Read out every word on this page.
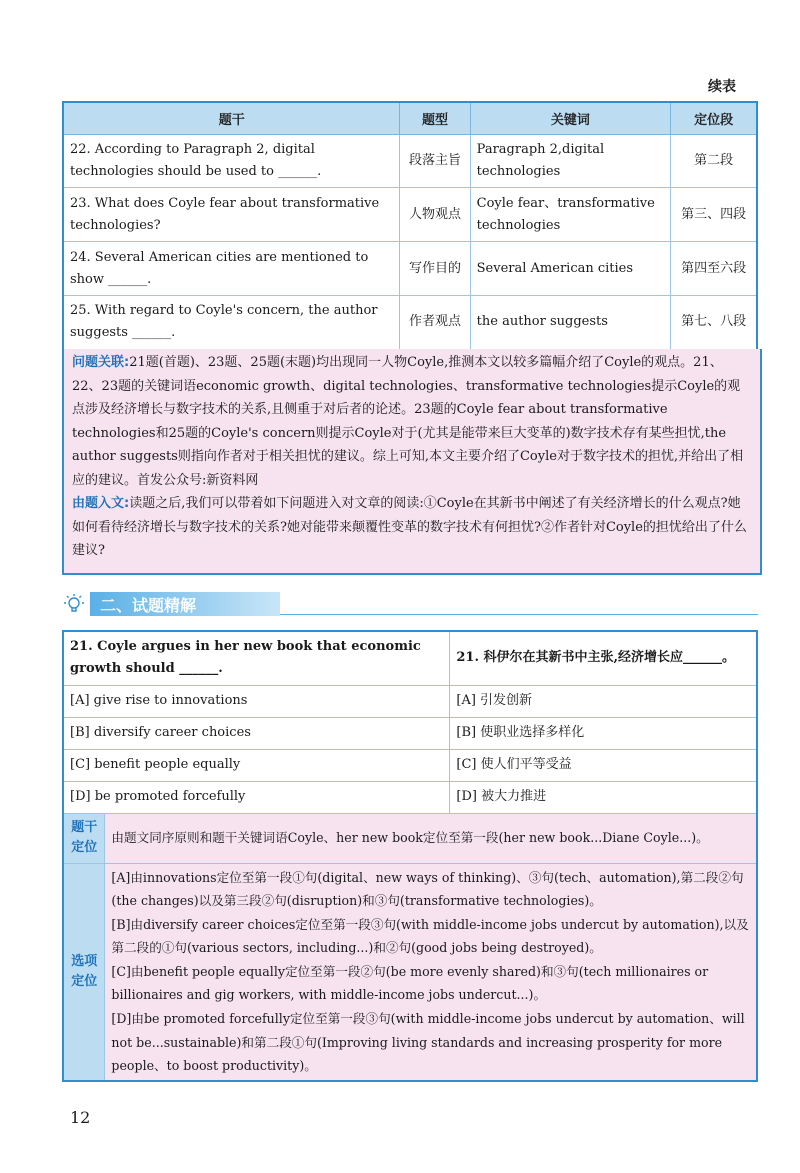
续表
题干	题型	关键词	定位段
22. According to Paragraph 2, digital technologies should be used to ______.	段落主旨	Paragraph 2,digital technologies	第二段
23. What does Coyle fear about transformative technologies?	人物观点	Coyle fear、transformative technologies	第三、四段
24. Several American cities are mentioned to show ______.	写作目的	Several American cities	第四至六段
25. With regard to Coyle's concern, the author suggests ______.	作者观点	the author suggests	第七、八段
问题关联:21题(首题)、23题、25题(末题)均出现同一人物Coyle,推测本文以较多篇幅介绍了Coyle的观点。21、22、23题的关键词语economic growth、digital technologies、transformative technologies提示Coyle的观点涉及经济增长与数字技术的关系,且侧重于对后者的论述。23题的Coyle fear about transformative technologies和25题的Coyle's concern则提示Coyle对于(尤其是能带来巨大变革的)数字技术存有某些担忧,the author suggests则指向作者对于相关担忧的建议。综上可知,本文主要介绍了Coyle对于数字技术的担忧,并给出了相应的建议。首发公众号:新资料网
由题入文:读题之后,我们可以带着如下问题进入对文章的阅读:①Coyle在其新书中阐述了有关经济增长的什么观点?她如何看待经济增长与数字技术的关系?她对能带来颠覆性变革的数字技术有何担忧?②作者针对Coyle的担忧给出了什么建议?
二、试题精解
21. Coyle argues in her new book that economic growth should ______.		21. 科伊尔在其新书中主张,经济增长应______。
[A] give rise to innovations		[A] 引发创新
[B] diversify career choices		[B] 使职业选择多样化
[C] benefit people equally		[C] 使人们平等受益
[D] be promoted forcefully		[D] 被大力推进
题干定位	由题文同序原则和题干关键词语Coyle、her new book定位至第一段(her new book...Diane Coyle...)。	
选项定位	[A]由innovations定位至第一段①句(digital、new ways of thinking)、③句(tech、automation),第二段②句(the changes)以及第三段②句(disruption)和③句(transformative technologies)。
[B]由diversify career choices定位至第一段③句(with middle-income jobs undercut by automation),以及第二段的①句(various sectors, including...)和②句(good jobs being destroyed)。
[C]由benefit people equally定位至第一段②句(be more evenly shared)和③句(tech millionaires or billionaires and gig workers, with middle-income jobs undercut...)。
[D]由be promoted forcefully定位至第一段③句(with middle-income jobs undercut by automation、will not be...sustainable)和第二段①句(Improving living standards and increasing prosperity for more people、to boost productivity)。	
12
